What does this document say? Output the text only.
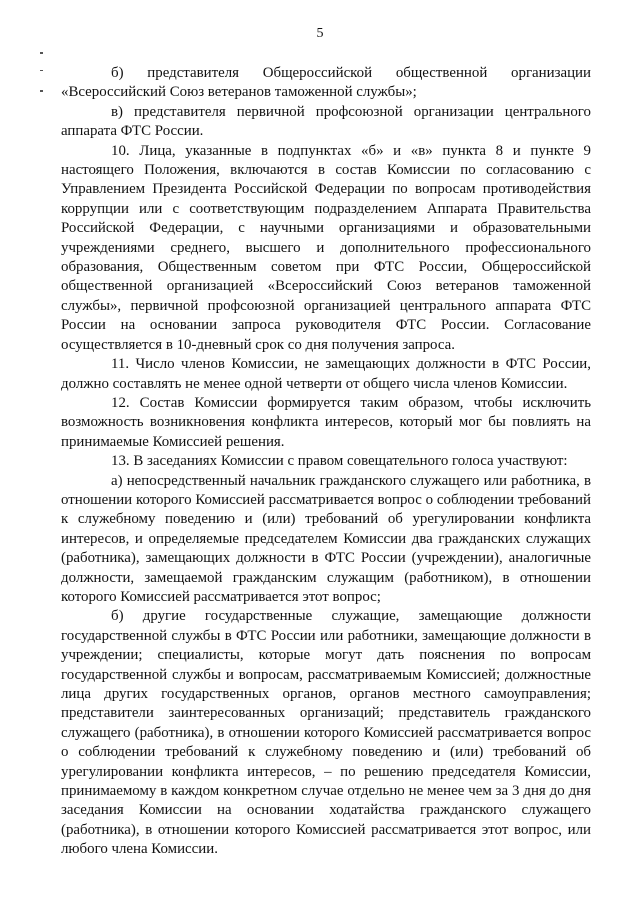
5

б) представителя Общероссийской общественной организации «Всероссийский Союз ветеранов таможенной службы»;

в) представителя первичной профсоюзной организации центрального аппарата ФТС России.

10. Лица, указанные в подпунктах «б» и «в» пункта 8 и пункте 9 настоящего Положения, включаются в состав Комиссии по согласованию с Управлением Президента Российской Федерации по вопросам противодействия коррупции или с соответствующим подразделением Аппарата Правительства Российской Федерации, с научными организациями и образовательными учреждениями среднего, высшего и дополнительного профессионального образования, Общественным советом при ФТС России, Общероссийской общественной организацией «Всероссийский Союз ветеранов таможенной службы», первичной профсоюзной организацией центрального аппарата ФТС России на основании запроса руководителя ФТС России. Согласование осуществляется в 10-дневный срок со дня получения запроса.

11. Число членов Комиссии, не замещающих должности в ФТС России, должно составлять не менее одной четверти от общего числа членов Комиссии.

12. Состав Комиссии формируется таким образом, чтобы исключить возможность возникновения конфликта интересов, который мог бы повлиять на принимаемые Комиссией решения.

13. В заседаниях Комиссии с правом совещательного голоса участвуют:

а) непосредственный начальник гражданского служащего или работника, в отношении которого Комиссией рассматривается вопрос о соблюдении требований к служебному поведению и (или) требований об урегулировании конфликта интересов, и определяемые председателем Комиссии два гражданских служащих (работника), замещающих должности в ФТС России (учреждении), аналогичные должности, замещаемой гражданским служащим (работником), в отношении которого Комиссией рассматривается этот вопрос;

б) другие государственные служащие, замещающие должности государственной службы в ФТС России или работники, замещающие должности в учреждении; специалисты, которые могут дать пояснения по вопросам государственной службы и вопросам, рассматриваемым Комиссией; должностные лица других государственных органов, органов местного самоуправления; представители заинтересованных организаций; представитель гражданского служащего (работника), в отношении которого Комиссией рассматривается вопрос о соблюдении требований к служебному поведению и (или) требований об урегулировании конфликта интересов, – по решению председателя Комиссии, принимаемому в каждом конкретном случае отдельно не менее чем за 3 дня до дня заседания Комиссии на основании ходатайства гражданского служащего (работника), в отношении которого Комиссией рассматривается этот вопрос, или любого члена Комиссии.
